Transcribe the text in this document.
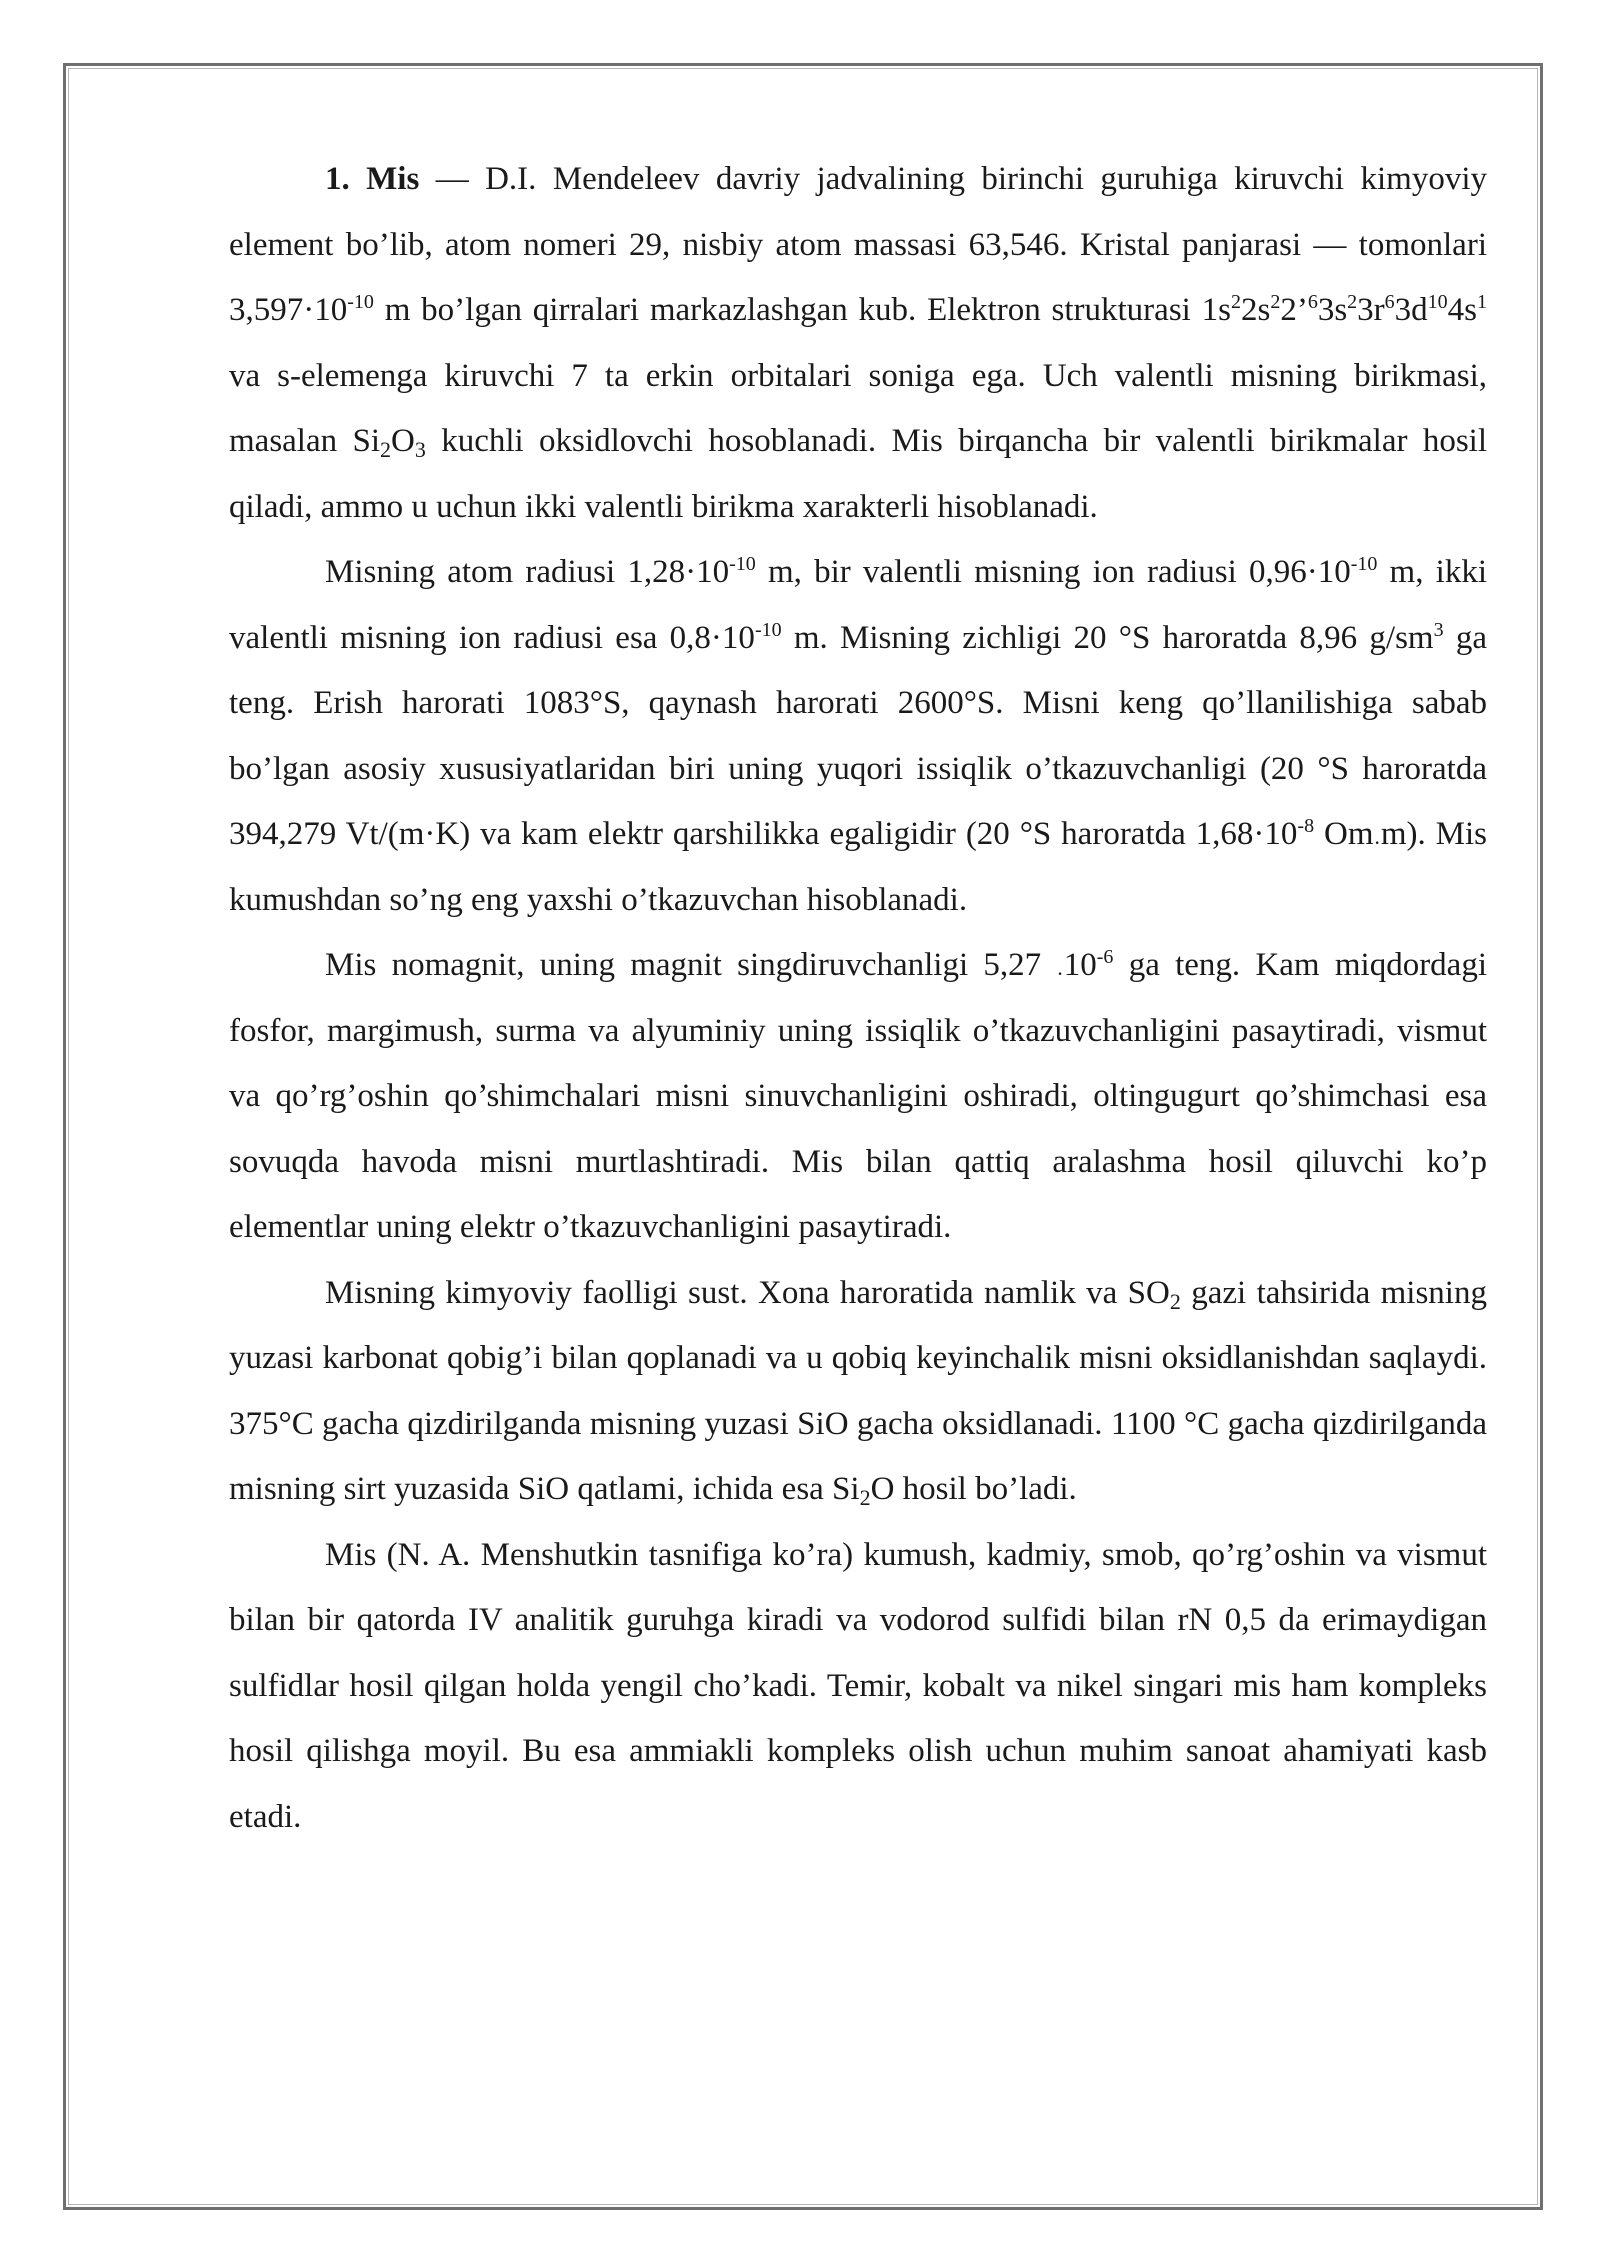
1. Mis — D.I. Mendeleev davriy jadvalining birinchi guruhiga kiruvchi kimyoviy element bo’lib, atom nomeri 29, nisbiy atom massasi 63,546. Kristal panjarasi — tomonlari $3,597\cdot 10^{-10}$ m bo’lgan qirralari markazlashgan kub. Elektron strukturasi $1s^22s^22’^63s^23r^63d^{10}4s^1$ va s-elemenga kiruvchi 7 ta erkin orbitalari soniga ega. Uch valentli misning birikmasi, masalan $Si_2O_3$ kuchli oksidlovchi hosoblanadi. Mis birqancha bir valentli birikmalar hosil qiladi, ammo u uchun ikki valentli birikma xarakterli hisoblanadi.

Misning atom radiusi $1,28\cdot 10^{-10}$ m, bir valentli misning ion radiusi $0,96\cdot 10^{-10}$ m, ikki valentli misning ion radiusi esa $0,8\cdot 10^{-10}$ m. Misning zichligi 20 °S haroratda 8,96 $g/sm^3$ ga teng. Erish harorati 1083°S, qaynash harorati 2600°S. Misni keng qo’llanilishiga sabab bo’lgan asosiy xususiyatlaridan biri uning yuqori issiqlik o’tkazuvchanligi (20 °S haroratda 394,279 Vt/(m·K) va kam elektr qarshilikka egaligidir (20 °S haroratda $1,68\cdot 10^{-8}$ $Om_\cdot m$). Mis kumushdan so’ng eng yaxshi o’tkazuvchan hisoblanadi.

Mis nomagnit, uning magnit singdiruvchanligi 5,27 $_\cdot 10^{-6}$ ga teng. Kam miqdordagi fosfor, margimush, surma va alyuminiy uning issiqlik o’tkazuvchanligini pasaytiradi, vismut va qo’rg’oshin qo’shimchalari misni sinuvchanligini oshiradi, oltingugurt qo’shimchasi esa sovuqda havoda misni murtlashtiradi. Mis bilan qattiq aralashma hosil qiluvchi ko’p elementlar uning elektr o’tkazuvchanligini pasaytiradi.

Misning kimyoviy faolligi sust. Xona haroratida namlik va $SO_2$ gazi tahsirida misning yuzasi karbonat qobig’i bilan qoplanadi va u qobiq keyinchalik misni oksidlanishdan saqlaydi. 375°C gacha qizdirilganda misning yuzasi SiO gacha oksidlanadi. 1100 °C gacha qizdirilganda misning sirt yuzasida SiO qatlami, ichida esa $Si_2O$ hosil bo’ladi.

Mis (N. A. Menshutkin tasnifiga ko’ra) kumush, kadmiy, smob, qo’rg’oshin va vismut bilan bir qatorda IV analitik guruhga kiradi va vodorod sulfidi bilan rN 0,5 da erimaydigan sulfidlar hosil qilgan holda yengil cho’kadi. Temir, kobalt va nikel singari mis ham kompleks hosil qilishga moyil. Bu esa ammiakli kompleks olish uchun muhim sanoat ahamiyati kasb etadi.
